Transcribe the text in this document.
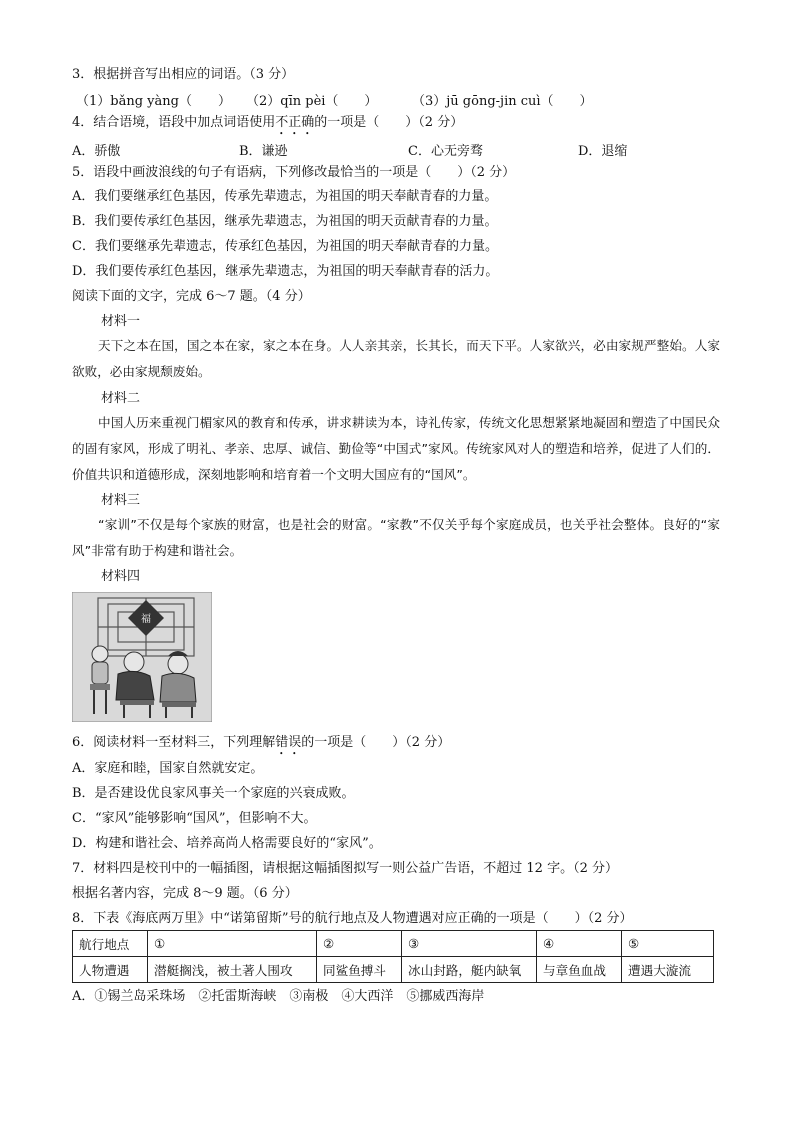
3．根据拼音写出相应的词语。（3 分）
（1）bǎng yàng（　　） （2）qīn pèi（　　）	（3）jū gōng-jin cuì（　　）
4．结合语境，语段中加点词语使用不正确的一项是（　　）（2 分）
A．骄傲	B．谦逊	C．心无旁骛	D．退缩
5．语段中画波浪线的句子有语病，下列修改最恰当的一项是（　　）（2 分）
A．我们要继承红色基因，传承先辈遗志，为祖国的明天奉献青春的力量。
B．我们要传承红色基因，继承先辈遗志，为祖国的明天贡献青春的力量。
C．我们要继承先辈遗志，传承红色基因，为祖国的明天奉献青春的力量。
D．我们要传承红色基因，继承先辈遗志，为祖国的明天奉献青春的活力。
阅读下面的文字，完成 6～7 题。（4 分）
材料一
天下之本在国，国之本在家，家之本在身。人人亲其亲，长其长，而天下平。人家欲兴，必由家规严整始。人家欲败，必由家规颓废始。
材料二
中国人历来重视门楣家风的教育和传承，讲求耕读为本，诗礼传家，传统文化思想紧紧地凝固和塑造了中国民众的固有家风，形成了明礼、孝亲、忠厚、诚信、勤俭等“中国式”家风。传统家风对人的塑造和培养，促进了人们的．价值共识和道德形成，深刻地影响和培育着一个文明大国应有的“国风”。
材料三
“家训”不仅是每个家族的财富，也是社会的财富。“家教”不仅关乎每个家庭成员，也关乎社会整体。良好的“家风”非常有助于构建和谐社会。
材料四
福
6．阅读材料一至材料三，下列理解错误的一项是（　　）（2 分）
A．家庭和睦，国家自然就安定。
B．是否建设优良家风事关一个家庭的兴衰成败。
C．“家风”能够影响“国风”，但影响不大。
D．构建和谐社会、培养高尚人格需要良好的“家风”。
7．材料四是校刊中的一幅插图，请根据这幅插图拟写一则公益广告语，不超过 12 字。（2 分）
根据名著内容，完成 8～9 题。（6 分）
8．下表《海底两万里》中“诺第留斯”号的航行地点及人物遭遇对应正确的一项是（　　）（2 分）
航行地点	①	②	③	④	⑤
人物遭遇	潜艇搁浅，被土著人围攻	同鲨鱼搏斗	冰山封路，艇内缺氧	与章鱼血战	遭遇大漩流
A．①锡兰岛采珠场　②托雷斯海峡　③南极　④大西洋　⑤挪威西海岸
